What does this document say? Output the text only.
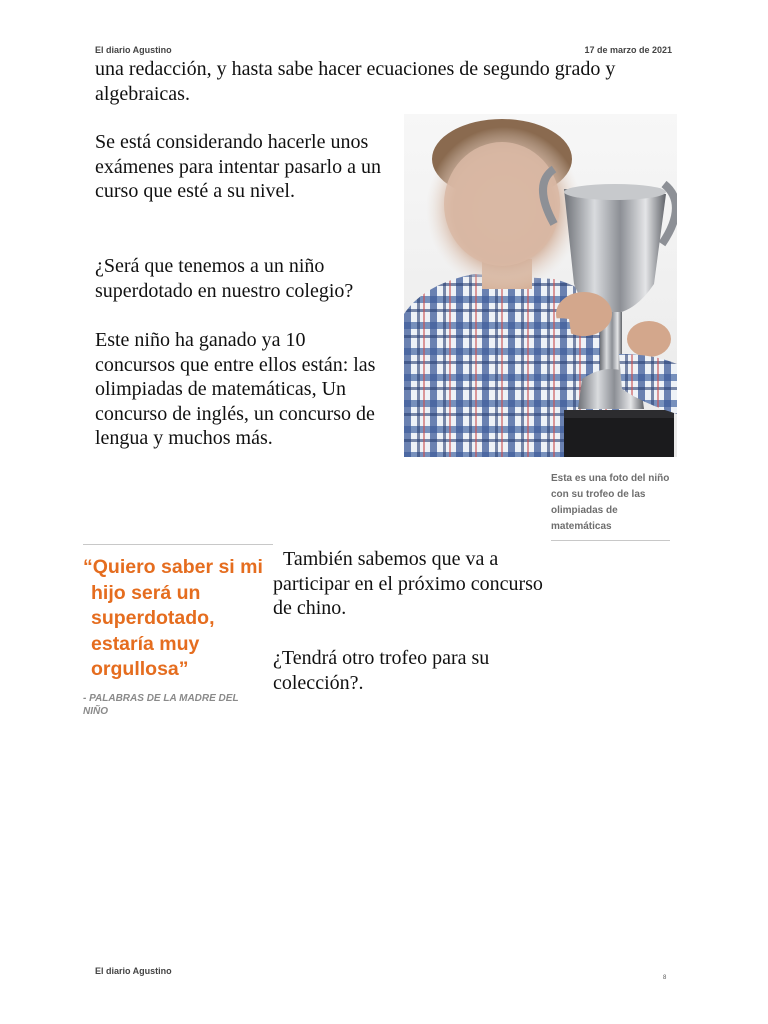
El diario Agustino	17 de marzo de 2021

una redacción, y hasta sabe hacer ecuaciones de segundo grado y algebraicas.

Se está considerando hacerle unos exámenes para intentar pasarlo a un curso que esté a su nivel.

¿Será que tenemos a un niño superdotado en nuestro colegio?

Este niño ha ganado ya 10 concursos que entre ellos están: las olimpiadas de matemáticas, Un concurso de inglés, un concurso de lengua y muchos más.

Esta es una foto del niño con su trofeo de las olimpiadas de matemáticas
“Quiero saber si mi hijo será un superdotado, estaría muy orgullosa”
- PALABRAS DE LA MADRE DEL NIÑO

También sabemos que va a participar en el próximo concurso de chino.

¿Tendrá otro trofeo para su colección?.

El diario Agustino
8
